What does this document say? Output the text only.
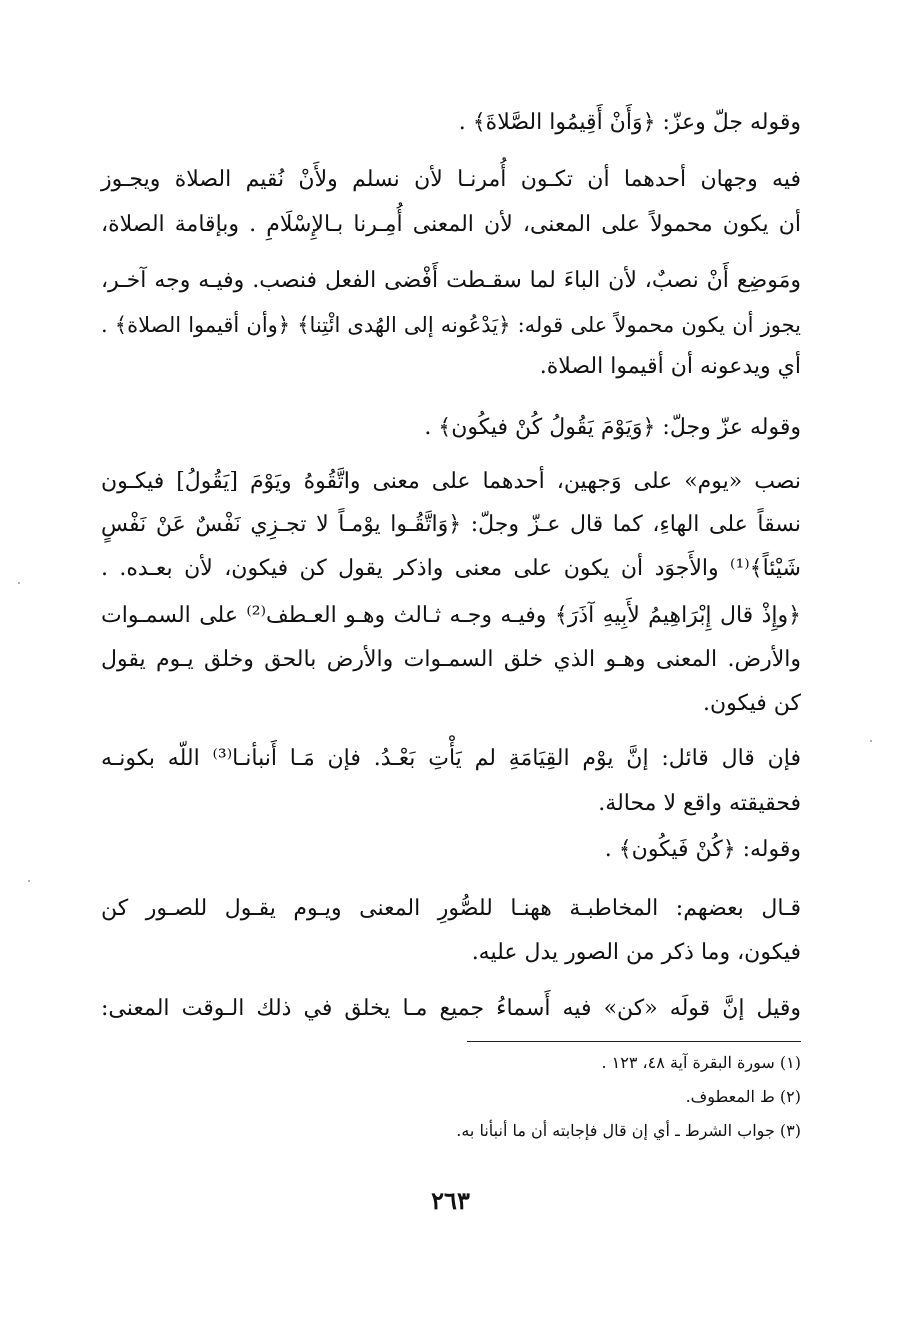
وقوله جلّ وعزّ: ﴿وَأَنْ أَقِيمُوا الصَّلاةَ﴾ .
فيه وجهان أحدهما أن تكـون أُمرنـا لأن نسلم ولأَنْ نُقيم الصلاة ويجـوز
أن يكون محمولاً على المعنى، لأن المعنى أُمِـرنا بـالإِسْلَامِ . وبإقامة الصلاة،
ومَوضِع أَنْ نصبٌ، لأن الباءَ لما سقـطت أَفْضى الفعل فنصب. وفيـه وجه آخـر،
يجوز أن يكون محمولاً على قوله: ﴿يَدْعُونه إلى الهُدى ائْتِنا﴾ ﴿وأن أقيموا الصلاة﴾ .
أي ويدعونه أن أقيموا الصلاة.
وقوله عزّ وجلّ: ﴿وَيَوْمَ يَقُولُ كُنْ فيكُون﴾ .
نصب «يوم» على وَجهين، أحدهما على معنى واتَّقُوهُ ويَوْمَ [يَقُولُ] فيكـون
نسقاً على الهاءِ، كما قال عـزّ وجلّ: ﴿وَاتَّقُـوا يوْمـاً لا تجـزِي نَفْسٌ عَنْ نَفْسٍ
شَيْئاً﴾⁽¹⁾ والأَجوَد أن يكون على معنى واذكر يقول كن فيكون، لأن بعـده. .
﴿وإِذْ قال إِبْرَاهِيمُ لأَبِيهِ آذَرَ﴾ وفيـه وجـه ثـالث وهـو العـطف⁽²⁾ على السمـوات
والأرض. المعنى وهـو الذي خلق السمـوات والأرض بالحق وخلق يـوم يقول
كن فيكون.
فإن قال قائل: إنَّ يوْم القِيَامَةِ لم يَأْتِ بَعْـدُ. فإن مَـا أَنبأنـا⁽³⁾ اللّه بكونـه
فحقيقته واقع لا محالة.
وقوله: ﴿كُنْ فَيكُون﴾ .
قـال بعضهم: المخاطبـة ههنـا للصُّورِ المعنى ويـوم يقـول للصـور كن
فيكون، وما ذكر من الصور يدل عليه.
وقيل إنَّ قولَه «كن» فيه أَسماءُ جميع مـا يخلق في ذلك الـوقت المعنى:
(١) سورة البقرة آية ٤٨، ١٢٣ .
(٢) ط المعطوف.
(٣) جواب الشرط ـ أي إن قال فإجابته أن ما أنبأنا به.
٢٦٣
